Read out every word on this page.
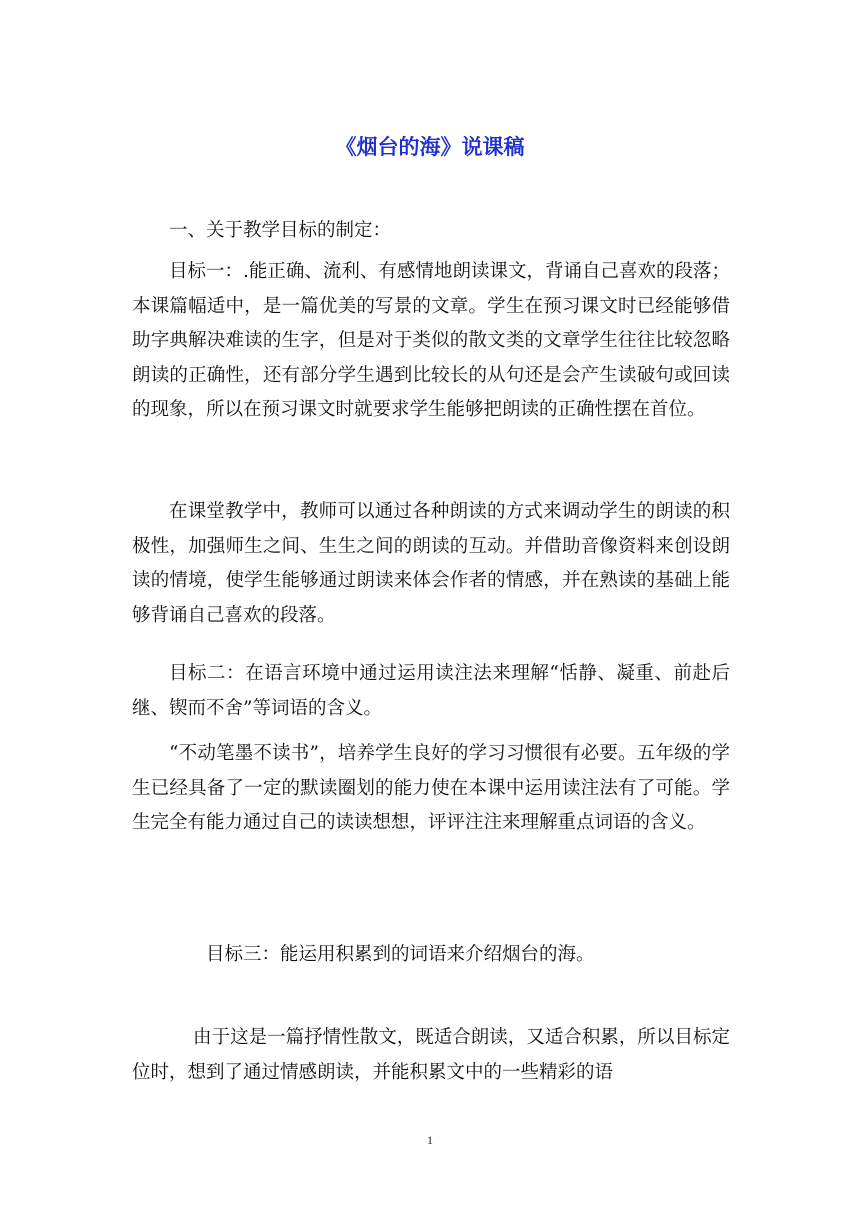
《烟台的海》说课稿

一、关于教学目标的制定：

目标一：.能正确、流利、有感情地朗读课文，背诵自己喜欢的段落；本课篇幅适中，是一篇优美的写景的文章。学生在预习课文时已经能够借助字典解决难读的生字，但是对于类似的散文类的文章学生往往比较忽略朗读的正确性，还有部分学生遇到比较长的从句还是会产生读破句或回读的现象，所以在预习课文时就要求学生能够把朗读的正确性摆在首位。

在课堂教学中，教师可以通过各种朗读的方式来调动学生的朗读的积极性，加强师生之间、生生之间的朗读的互动。并借助音像资料来创设朗读的情境，使学生能够通过朗读来体会作者的情感，并在熟读的基础上能够背诵自己喜欢的段落。

目标二：在语言环境中通过运用读注法来理解“恬静、凝重、前赴后继、锲而不舍”等词语的含义。

“不动笔墨不读书”，培养学生良好的学习习惯很有必要。五年级的学生已经具备了一定的默读圈划的能力使在本课中运用读注法有了可能。学生完全有能力通过自己的读读想想，评评注注来理解重点词语的含义。

目标三：能运用积累到的词语来介绍烟台的海。

由于这是一篇抒情性散文，既适合朗读，又适合积累，所以目标定位时，想到了通过情感朗读，并能积累文中的一些精彩的语

1
